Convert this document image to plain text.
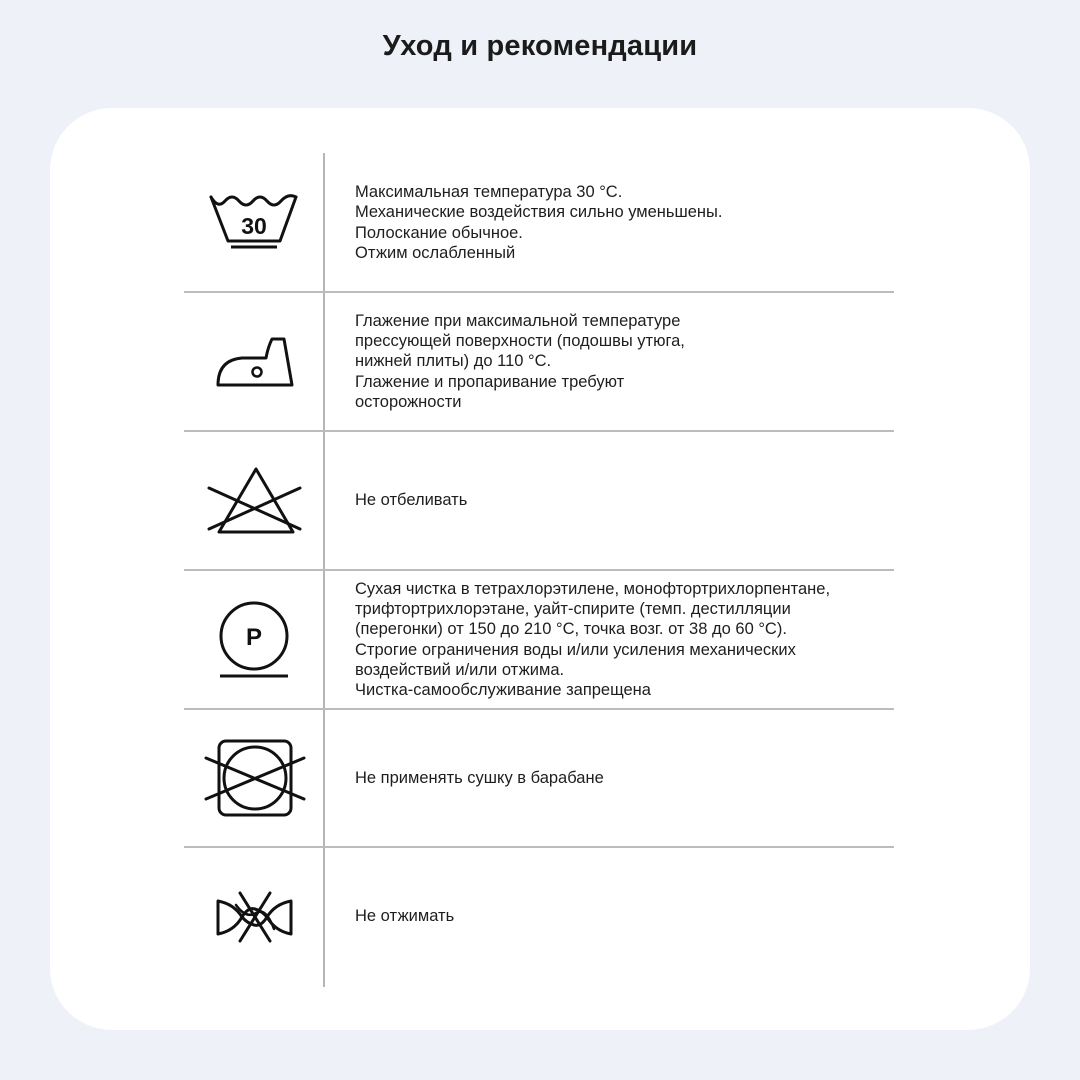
Уход и рекомендации
30
Максимальная температура 30 °С.
Механические воздействия сильно уменьшены.
Полоскание обычное.
Отжим ослабленный
Глажение при максимальной температуре
прессующей поверхности (подошвы утюга,
нижней плиты) до 110 °С.
Глажение и пропаривание требуют
осторожности
Не отбеливать
P
Сухая чистка в тетрахлорэтилене, монофтортрихлорпентане,
трифтортрихлорэтане, уайт-спирите (темп. дестилляции
(перегонки) от 150 до 210 °С, точка возг. от 38 до 60 °С).
Строгие ограничения воды и/или усиления механических
воздействий и/или отжима.
Чистка-самообслуживание запрещена
Не применять сушку в барабане
Не отжимать
